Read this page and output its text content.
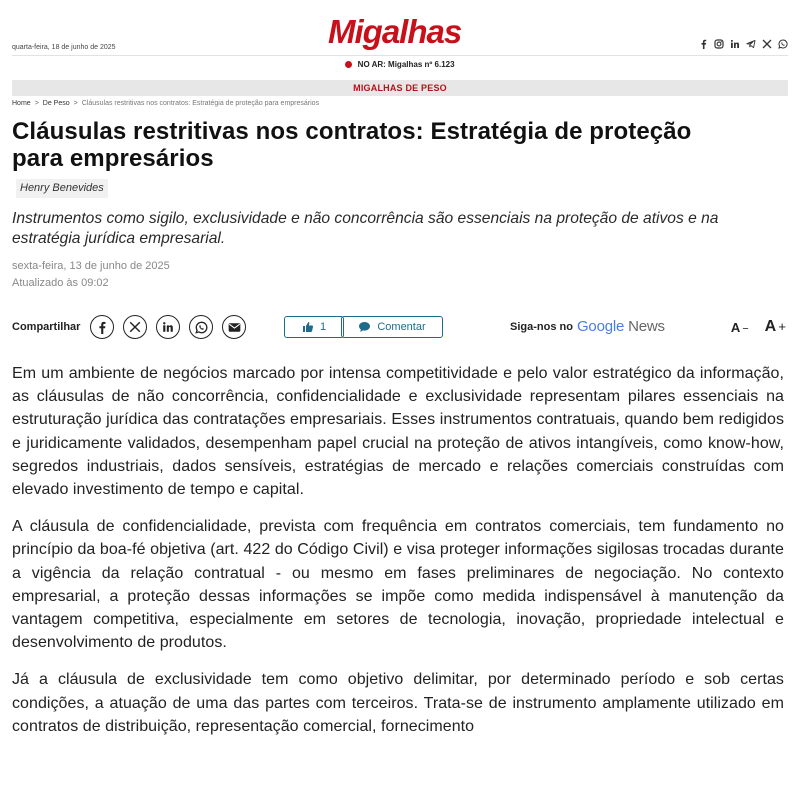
quarta-feira, 18 de junho de 2025	Migalhas
NO AR: Migalhas nº 6.123
MIGALHAS DE PESO
Home > De Peso > Cláusulas restritivas nos contratos: Estratégia de proteção para empresários
Cláusulas restritivas nos contratos: Estratégia de proteção para empresários
Henry Benevides
Instrumentos como sigilo, exclusividade e não concorrência são essenciais na proteção de ativos e na estratégia jurídica empresarial.
sexta-feira, 13 de junho de 2025
Atualizado às 09:02
Compartilhar	1	Comentar	Siga-nos no Google News	A − A +

Em um ambiente de negócios marcado por intensa competitividade e pelo valor estratégico da informação, as cláusulas de não concorrência, confidencialidade e exclusividade representam pilares essenciais na estruturação jurídica das contratações empresariais. Esses instrumentos contratuais, quando bem redigidos e juridicamente validados, desempenham papel crucial na proteção de ativos intangíveis, como know-how, segredos industriais, dados sensíveis, estratégias de mercado e relações comerciais construídas com elevado investimento de tempo e capital.

A cláusula de confidencialidade, prevista com frequência em contratos comerciais, tem fundamento no princípio da boa-fé objetiva (art. 422 do Código Civil) e visa proteger informações sigilosas trocadas durante a vigência da relação contratual - ou mesmo em fases preliminares de negociação. No contexto empresarial, a proteção dessas informações se impõe como medida indispensável à manutenção da vantagem competitiva, especialmente em setores de tecnologia, inovação, propriedade intelectual e desenvolvimento de produtos.

Já a cláusula de exclusividade tem como objetivo delimitar, por determinado período e sob certas condições, a atuação de uma das partes com terceiros. Trata-se de instrumento amplamente utilizado em contratos de distribuição, representação comercial, fornecimento
